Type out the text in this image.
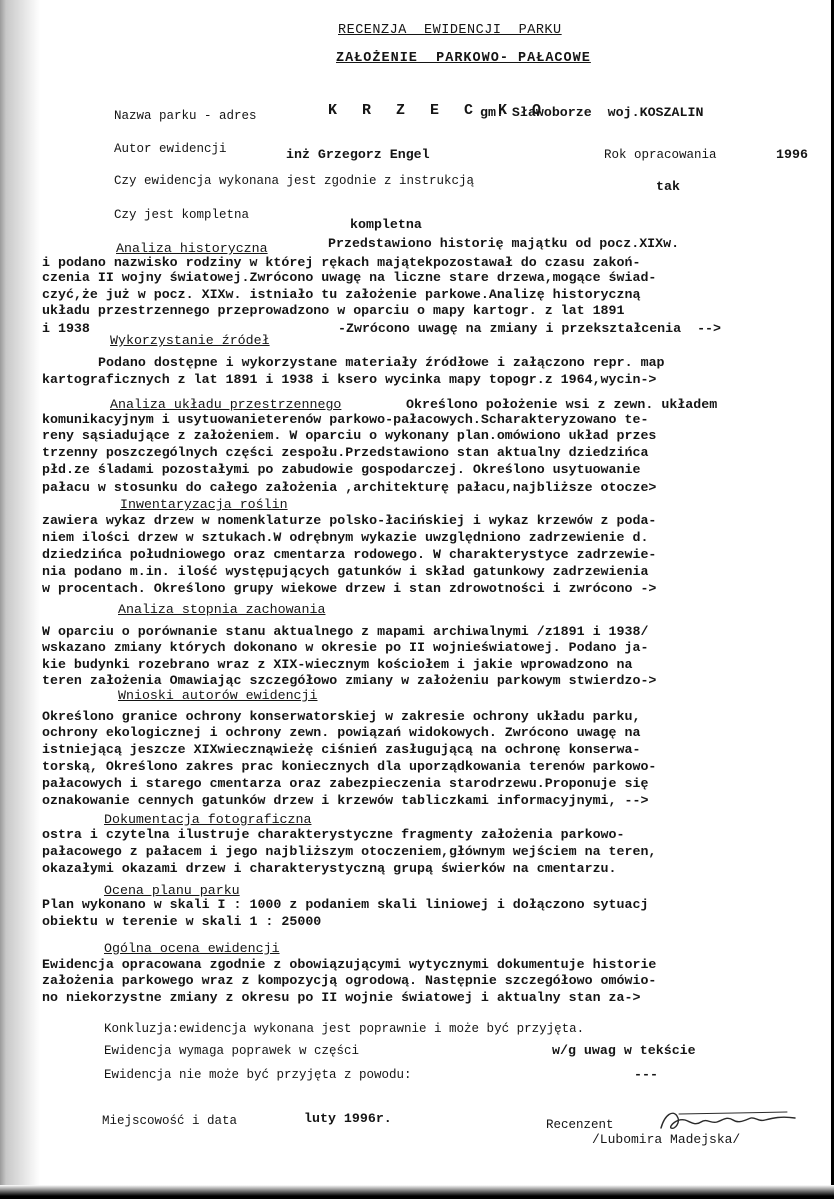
RECENZJA  EWIDENCJI  PARKU
ZAŁOŻENIE  PARKOWO- PAŁACOWE
Nazwa parku - adres	K R Z E C K O
gm. Sławoborze  woj.KOSZALIN
Autor ewidencji	inż Grzegorz Engel	Rok opracowania	1996
Czy ewidencja wykonana jest zgodnie z instrukcją	tak
Czy jest kompletna
kompletna
Analiza historyczna	Przedstawiono historię majątku od pocz.XIXw.
i podano nazwisko rodziny w której rękach majątekpozostawał do czasu zakoń-
czenia II wojny światowej.Zwrócono uwagę na liczne stare drzewa,mogące świad-
czyć,że już w pocz. XIXw. istniało tu założenie parkowe.Analizę historyczną
układu przestrzennego przeprowadzono w oparciu o mapy kartogr. z lat 1891
i 1938	-Zwrócono uwagę na zmiany i przekształcenia  -->
Wykorzystanie źródeł
Podano dostępne i wykorzystane materiały źródłowe i załączono repr. map
kartograficznych z lat 1891 i 1938 i ksero wycinka mapy topogr.z 1964,wycin->
Analiza układu przestrzennego	Określono położenie wsi z zewn. układem
komunikacyjnym i usytuowanieterenów parkowo-pałacowych.Scharakteryzowano te-
reny sąsiadujące z założeniem. W oparciu o wykonany plan.omówiono układ przes
trzenny poszczególnych części zespołu.Przedstawiono stan aktualny dziedzińca
płd.ze śladami pozostałymi po zabudowie gospodarczej. Określono usytuowanie
pałacu w stosunku do całego założenia ,architekturę pałacu,najbliższe otocze>
Inwentaryzacja roślin
zawiera wykaz drzew w nomenklaturze polsko-łacińskiej i wykaz krzewów z poda-
niem ilości drzew w sztukach.W odrębnym wykazie uwzględniono zadrzewienie d.
dziedzińca południowego oraz cmentarza rodowego. W charakterystyce zadrzewie-
nia podano m.in. ilość występujących gatunków i skład gatunkowy zadrzewienia
w procentach. Określono grupy wiekowe drzew i stan zdrowotności i zwrócono ->
Analiza stopnia zachowania
W oparciu o porównanie stanu aktualnego z mapami archiwalnymi /z1891 i 1938/
wskazano zmiany których dokonano w okresie po II wojnieświatowej. Podano ja-
kie budynki rozebrano wraz z XIX-wiecznym kościołem i jakie wprowadzono na
teren założenia Omawiając szczegółowo zmiany w założeniu parkowym stwierdzo->
Wnioski autorów ewidencji
Określono granice ochrony konserwatorskiej w zakresie ochrony układu parku,
ochrony ekologicznej i ochrony zewn. powiązań widokowych. Zwrócono uwagę na
istniejącą jeszcze XIXwiecznąwieżę ciśnień zasługującą na ochronę konserwa-
torską, Określono zakres prac koniecznych dla uporządkowania terenów parkowo-
pałacowych i starego cmentarza oraz zabezpieczenia starodrzewu.Proponuje się
oznakowanie cennych gatunków drzew i krzewów tabliczkami informacyjnymi, -->
Dokumentacja fotograficzna
ostra i czytelna ilustruje charakterystyczne fragmenty założenia parkowo-
pałacowego z pałacem i jego najbliższym otoczeniem,głównym wejściem na teren,
okazałymi okazami drzew i charakterystyczną grupą świerków na cmentarzu.
Ocena planu parku
Plan wykonano w skali I : 1000 z podaniem skali liniowej i dołączono sytuacj
obiektu w terenie w skali 1 : 25000
Ogólna ocena ewidencji
Ewidencja opracowana zgodnie z obowiązującymi wytycznymi dokumentuje historie
założenia parkowego wraz z kompozycją ogrodową. Następnie szczegółowo omówio-
no niekorzystne zmiany z okresu po II wojnie światowej i aktualny stan za->
Konkluzja:ewidencja wykonana jest poprawnie i może być przyjęta.
Ewidencja wymaga poprawek w części	w/g uwag w tekście
Ewidencja nie może być przyjęta z powodu:	---
Miejscowość i data	luty 1996r.	Recenzent
/Lubomira Madejska/
